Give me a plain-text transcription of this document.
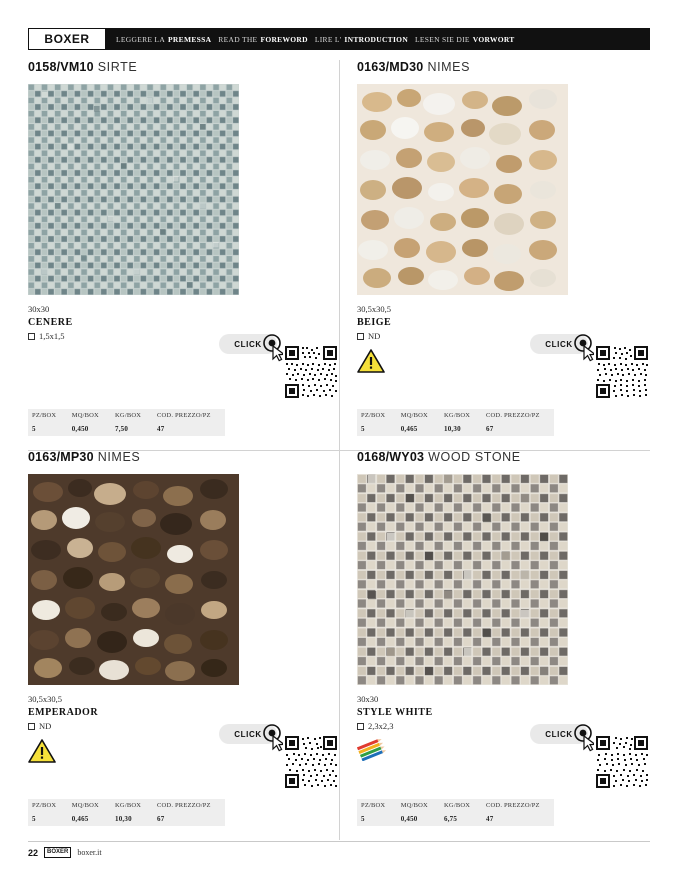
BOXER	LEGGERE LA PREMESSA READ THE FOREWORD LIRE L' INTRODUCTION LESEN SIE DIE VORWORT
0158/VM10 SIRTE
30x30
CENERE
1,5x1,5
CLICK
PZ/BOX	MQ/BOX	KG/BOX	COD. PREZZO/PZ
5	0,450	7,50	47
0163/MD30 NIMES
30,5x30,5
BEIGE
ND
CLICK
PZ/BOX	MQ/BOX	KG/BOX	COD. PREZZO/PZ
5	0,465	10,30	67
0163/MP30 NIMES
30,5x30,5
EMPERADOR
ND
CLICK
PZ/BOX	MQ/BOX	KG/BOX	COD. PREZZO/PZ
5	0,465	10,30	67
0168/WY03 WOOD STONE
30x30
STYLE WHITE
2,3x2,3
CLICK
PZ/BOX	MQ/BOX	KG/BOX	COD. PREZZO/PZ
5	0,450	6,75	47
22	BOXER	boxer.it
